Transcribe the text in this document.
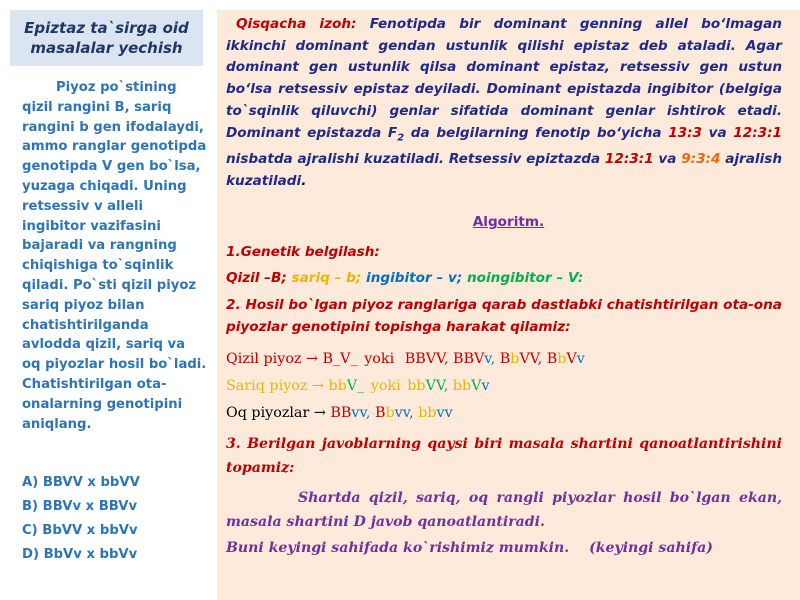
Epiztaz ta`sirga oid
masalalar yechish
Piyoz po`stining qizil rangini B, sariq rangini b gen ifodalaydi, ammo ranglar genotipda genotipda V gen bo`lsa, yuzaga chiqadi. Uning retsessiv v alleli ingibitor vazifasini bajaradi va rangning chiqishiga to`sqinlik qiladi. Po`sti qizil piyoz sariq piyoz bilan chatishtirilganda avlodda qizil, sariq va oq piyozlar hosil bo`ladi. Chatishtirilgan ota-onalarning genotipini aniqlang.
A) BBVV x bbVV
B) BBVv x BBVv
C) BbVV x bbVv
D) BbVv x bbVv
Qisqacha izoh: Fenotipda bir dominant genning allel bo‘lmagan ikkinchi dominant gendan ustunlik qilishi epistaz deb ataladi. Agar dominant gen ustunlik qilsa dominant epistaz, retsessiv gen ustun bo‘lsa retsessiv epistaz deyiladi. Dominant epistazda ingibitor (belgiga to`sqinlik qiluvchi) genlar sifatida dominant genlar ishtirok etadi. Dominant epistazda $F_2$ da belgilarning fenotip bo‘yicha 13:3 va 12:3:1 nisbatda ajralishi kuzatiladi. Retsessiv epiztazda 12:3:1 va 9:3:4 ajralish kuzatiladi.
Algoritm.
1.Genetik belgilash:
Qizil –B; sariq – b; ingibitor – v; noingibitor – V:
2. Hosil bo`lgan piyoz ranglariga qarab dastlabki chatishtirilgan ota-ona piyozlar genotipini topishga harakat qilamiz:
Qizil piyoz → B_V_ yoki BBVV, BBVv, BbVV, BbVv
Sariq piyoz → bbV_ yoki bbVV, bbVv
Oq piyozlar → BBvv, Bbvv, bbvv
3. Berilgan javoblarning qaysi biri masala shartini qanoatlantirishini topamiz:
Shartda qizil, sariq, oq rangli piyozlar hosil bo`lgan ekan, masala shartini D javob qanoatlantiradi.
Buni keyingi sahifada ko`rishimiz mumkin. (keyingi sahifa)
